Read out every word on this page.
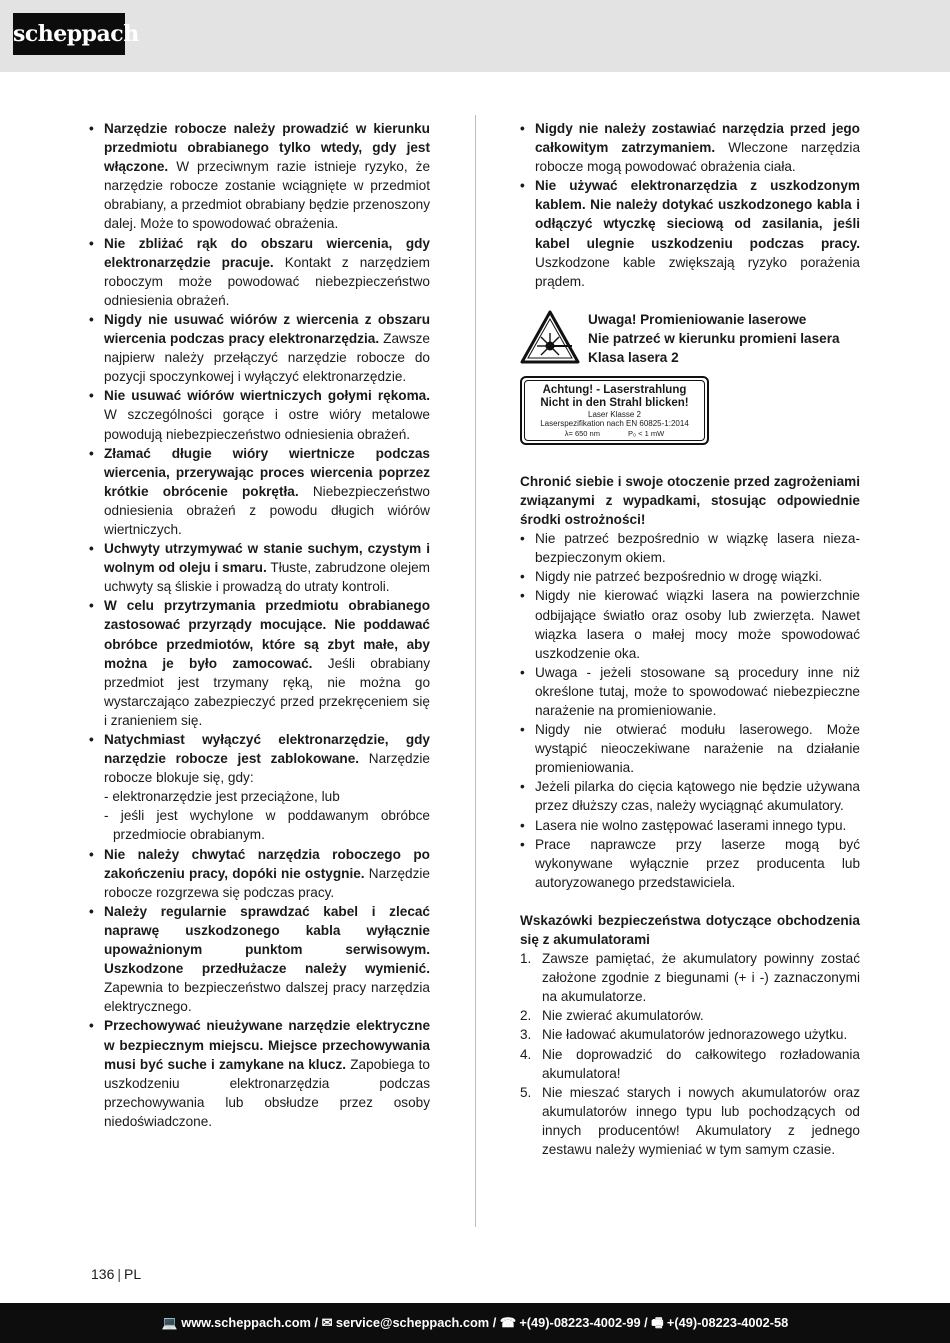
scheppach
• Narzędzie robocze należy prowadzić w kierunku przedmiotu obrabianego tylko wtedy, gdy jest włączone. W przeciwnym razie istnieje ryzyko, że narzędzie robocze zostanie wciągnięte w przedmiot obrabiany, a przedmiot obrabiany będzie przenoszony dalej. Może to spowodować obrażenia.
• Nie zbliżać rąk do obszaru wiercenia, gdy elektronarzędzie pracuje. Kontakt z narzędziem roboczym może powodować niebezpieczeństwo odniesienia obrażeń.
• Nigdy nie usuwać wiórów z wiercenia z obszaru wiercenia podczas pracy elektronarzędzia. Zawsze najpierw należy przełączyć narzędzie robocze do pozycji spoczynkowej i wyłączyć elektronarzędzie.
• Nie usuwać wiórów wiertniczych gołymi rękoma. W szczególności gorące i ostre wióry metalowe powodują niebezpieczeństwo odniesienia obrażeń.
• Złamać długie wióry wiertnicze podczas wiercenia, przerywając proces wiercenia poprzez krótkie obrócenie pokrętła. Niebezpieczeństwo odniesienia obrażeń z powodu długich wiórów wiertniczych.
• Uchwyty utrzymywać w stanie suchym, czystym i wolnym od oleju i smaru. Tłuste, zabrudzone olejem uchwyty są śliskie i prowadzą do utraty kontroli.
• W celu przytrzymania przedmiotu obrabianego zastosować przyrządy mocujące. Nie poddawać obróbce przedmiotów, które są zbyt małe, aby można je było zamocować. Jeśli obrabiany przedmiot jest trzymany ręką, nie można go wystarczająco zabezpieczyć przed przekręceniem się i zranieniem się.
• Natychmiast wyłączyć elektronarzędzie, gdy narzędzie robocze jest zablokowane. Narzędzie robocze blokuje się, gdy:
- elektronarzędzie jest przeciążone, lub
- jeśli jest wychylone w poddawanym obróbce przedmiocie obrabianym.
• Nie należy chwytać narzędzia roboczego po zakończeniu pracy, dopóki nie ostygnie. Narzędzie robocze rozgrzewa się podczas pracy.
• Należy regularnie sprawdzać kabel i zlecać naprawę uszkodzonego kabla wyłącznie upoważnionym punktom serwisowym. Uszkodzone przedłużacze należy wymienić. Zapewnia to bezpieczeństwo dalszej pracy narzędzia elektrycznego.
• Przechowywać nieużywane narzędzie elektryczne w bezpiecznym miejscu. Miejsce przechowywania musi być suche i zamykane na klucz. Zapobiega to uszkodzeniu elektronarzędzia podczas przechowywania lub obsłudze przez osoby niedoświadczone.
• Nigdy nie należy zostawiać narzędzia przed jego całkowitym zatrzymaniem. Wleczone narzędzia robocze mogą powodować obrażenia ciała.
• Nie używać elektronarzędzia z uszkodzonym kablem. Nie należy dotykać uszkodzonego kabla i odłączyć wtyczkę sieciową od zasilania, jeśli kabel ulegnie uszkodzeniu podczas pracy. Uszkodzone kable zwiększają ryzyko porażenia prądem.
Uwaga! Promieniowanie laserowe
Nie patrzeć w kierunku promieni lasera
Klasa lasera 2
Achtung! - Laserstrahlung
Nicht in den Strahl blicken!
Laser Klasse 2
Laserspezifikation nach EN 60825-1:2014
λ= 650 nm	P₀ < 1 mW
Chronić siebie i swoje otoczenie przed zagrożeniami związanymi z wypadkami, stosując odpowiednie środki ostrożności!
• Nie patrzeć bezpośrednio w wiązkę lasera nieza-bezpieczonym okiem.
• Nigdy nie patrzeć bezpośrednio w drogę wiązki.
• Nigdy nie kierować wiązki lasera na powierzchnie odbijające światło oraz osoby lub zwierzęta. Nawet wiązka lasera o małej mocy może spowodować uszkodzenie oka.
• Uwaga - jeżeli stosowane są procedury inne niż określone tutaj, może to spowodować niebezpieczne narażenie na promieniowanie.
• Nigdy nie otwierać modułu laserowego. Może wystąpić nieoczekiwane narażenie na działanie promieniowania.
• Jeżeli pilarka do cięcia kątowego nie będzie używana przez dłuższy czas, należy wyciągnąć akumulatory.
• Lasera nie wolno zastępować laserami innego typu.
• Prace naprawcze przy laserze mogą być wykonywane wyłącznie przez producenta lub autoryzowanego przedstawiciela.
Wskazówki bezpieczeństwa dotyczące obchodzenia się z akumulatorami
1. Zawsze pamiętać, że akumulatory powinny zostać założone zgodnie z biegunami (+ i -) zaznaczonymi na akumulatorze.
2. Nie zwierać akumulatorów.
3. Nie ładować akumulatorów jednorazowego użytku.
4. Nie doprowadzić do całkowitego rozładowania akumulatora!
5. Nie mieszać starych i nowych akumulatorów oraz akumulatorów innego typu lub pochodzących od innych producentów! Akumulatory z jednego zestawu należy wymieniać w tym samym czasie.
136 | PL
💻 www.scheppach.com / ✉ service@scheppach.com / ☎ +(49)-08223-4002-99 / 🖷 +(49)-08223-4002-58
